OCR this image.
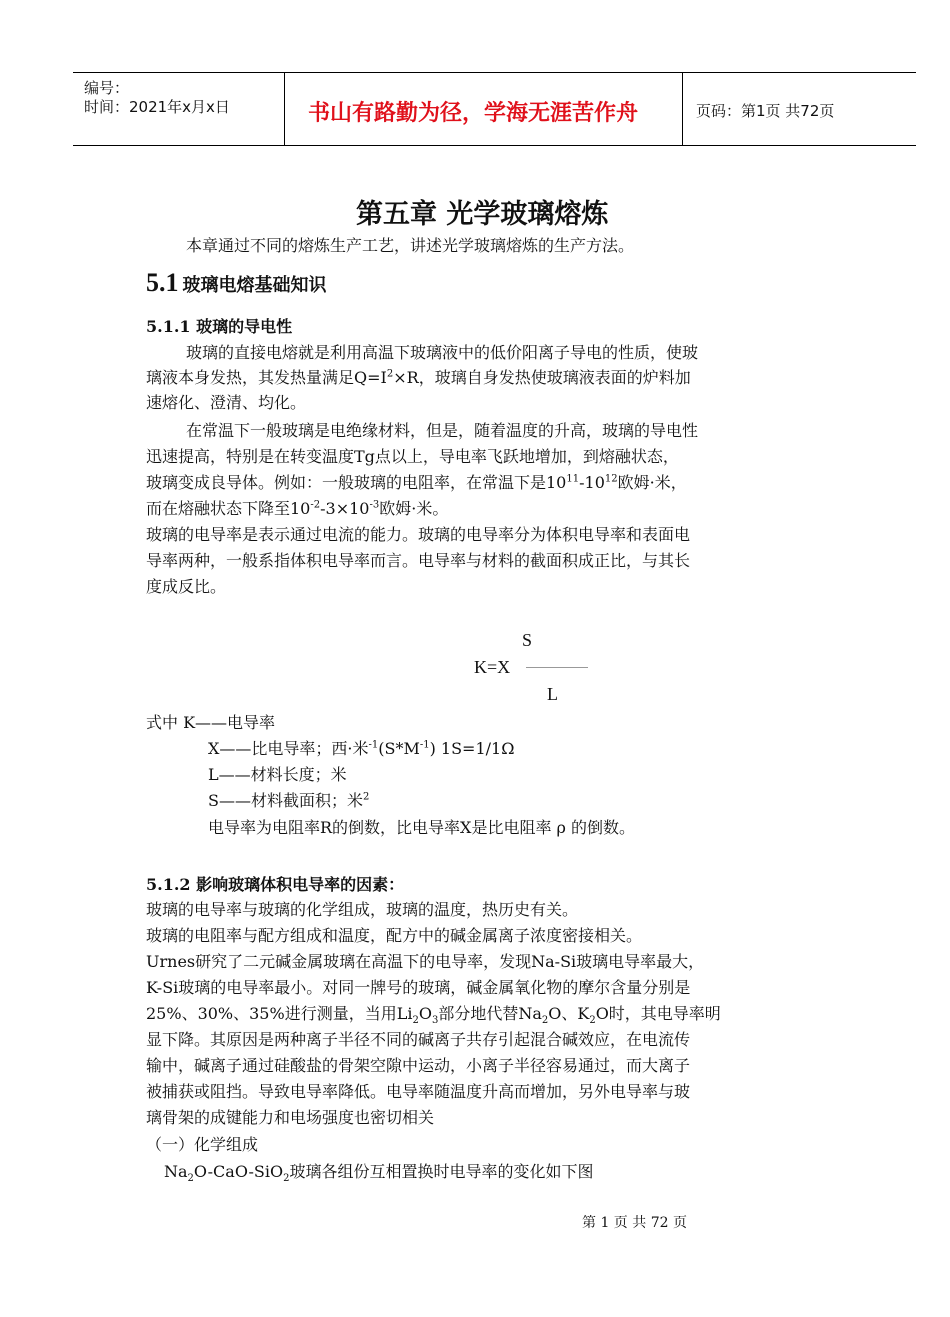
编号：
时间：2021年x月x日	书山有路勤为径，学海无涯苦作舟	页码：第1页 共72页
第五章 光学玻璃熔炼
本章通过不同的熔炼生产工艺，讲述光学玻璃熔炼的生产方法。
5.1 玻璃电熔基础知识
5.1.1 玻璃的导电性
玻璃的直接电熔就是利用高温下玻璃液中的低价阳离子导电的性质，使玻
璃液本身发热，其发热量满足$Q=I^2\times R$，玻璃自身发热使玻璃液表面的炉料加
速熔化、澄清、均化。
在常温下一般玻璃是电绝缘材料，但是，随着温度的升高，玻璃的导电性
迅速提高，特别是在转变温度Tg点以上，导电率飞跃地增加，到熔融状态，
玻璃变成良导体。例如：一般玻璃的电阻率，在常温下是$10^{11}-10^{12}$欧姆·米，
而在熔融状态下降至$10^{-2}-3\times 10^{-3}$欧姆·米。
玻璃的电导率是表示通过电流的能力。玻璃的电导率分为体积电导率和表面电
导率两种，一般系指体积电导率而言。电导率与材料的截面积成正比，与其长
度成反比。
S
K=X
L
式中 K——电导率
X——比电导率；西·米$^{-1}(S*M^{-1})$ 1S=1/1Ω
L——材料长度；米
S——材料截面积；米$^2$
电导率为电阻率R的倒数，比电导率X是比电阻率 ρ 的倒数。
5.1.2 影响玻璃体积电导率的因素：
玻璃的电导率与玻璃的化学组成，玻璃的温度，热历史有关。
玻璃的电阻率与配方组成和温度，配方中的碱金属离子浓度密接相关。
Urnes研究了二元碱金属玻璃在高温下的电导率，发现Na-Si玻璃电导率最大，
K-Si玻璃的电导率最小。对同一牌号的玻璃，碱金属氧化物的摩尔含量分别是
25%、30%、35%进行测量，当用$Li_2O_3$部分地代替$Na_2O$、$K_2O$时，其电导率明
显下降。其原因是两种离子半径不同的碱离子共存引起混合碱效应，在电流传
输中，碱离子通过硅酸盐的骨架空隙中运动，小离子半径容易通过，而大离子
被捕获或阻挡。导致电导率降低。电导率随温度升高而增加，另外电导率与玻
璃骨架的成键能力和电场强度也密切相关
（一）化学组成
$Na_2O-CaO-SiO_2$玻璃各组份互相置换时电导率的变化如下图
第 1 页 共 72 页
